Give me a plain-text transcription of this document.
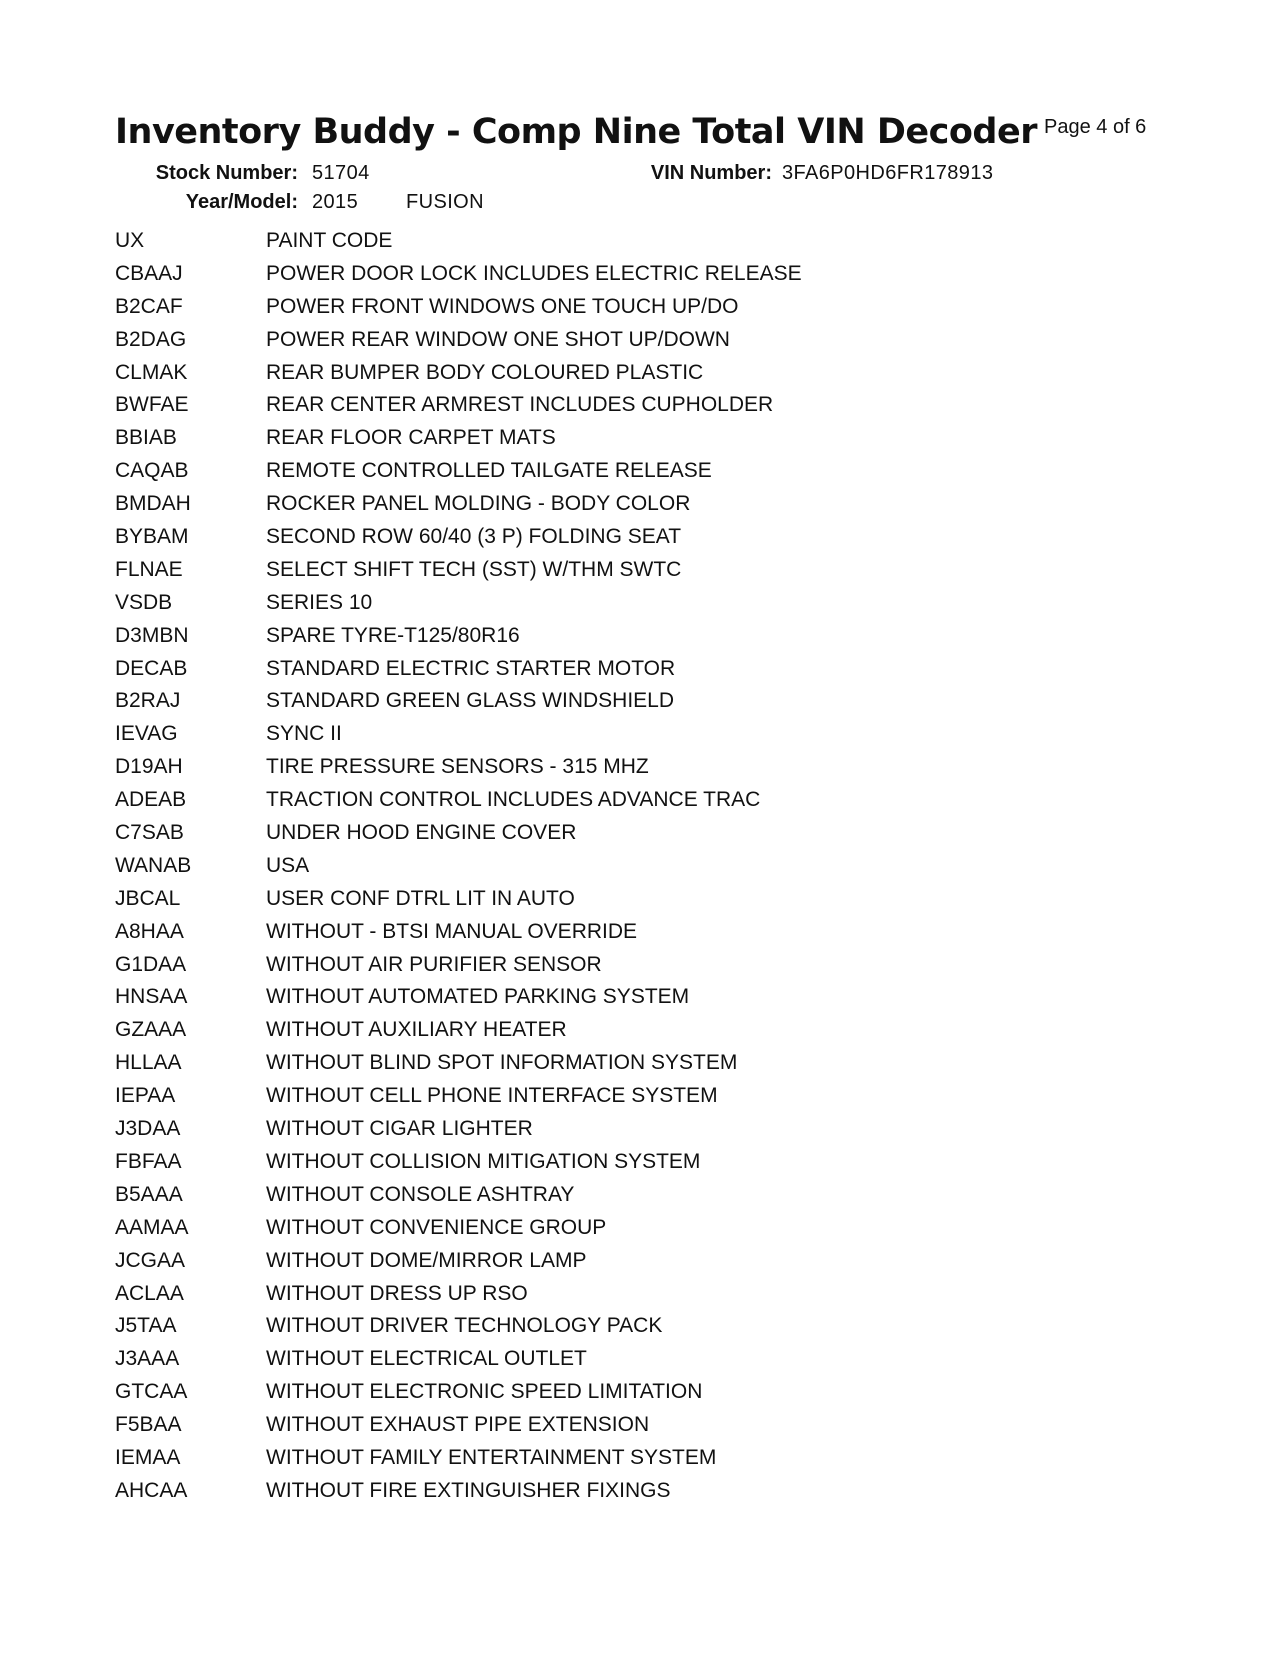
Inventory Buddy - Comp Nine Total VIN Decoder Page 4 of 6
Stock Number: 51704	VIN Number: 3FA6P0HD6FR178913
Year/Model: 2015 FUSION
UX	PAINT CODE
CBAAJ	POWER DOOR LOCK INCLUDES ELECTRIC RELEASE
B2CAF	POWER FRONT WINDOWS ONE TOUCH UP/DO
B2DAG	POWER REAR WINDOW ONE SHOT UP/DOWN
CLMAK	REAR BUMPER BODY COLOURED PLASTIC
BWFAE	REAR CENTER ARMREST INCLUDES CUPHOLDER
BBIAB	REAR FLOOR CARPET MATS
CAQAB	REMOTE CONTROLLED TAILGATE RELEASE
BMDAH	ROCKER PANEL MOLDING - BODY COLOR
BYBAM	SECOND ROW 60/40 (3 P) FOLDING SEAT
FLNAE	SELECT SHIFT TECH (SST) W/THM SWTC
VSDB	SERIES 10
D3MBN	SPARE TYRE-T125/80R16
DECAB	STANDARD ELECTRIC STARTER MOTOR
B2RAJ	STANDARD GREEN GLASS WINDSHIELD
IEVAG	SYNC II
D19AH	TIRE PRESSURE SENSORS - 315 MHZ
ADEAB	TRACTION CONTROL INCLUDES ADVANCE TRAC
C7SAB	UNDER HOOD ENGINE COVER
WANAB	USA
JBCAL	USER CONF DTRL LIT IN AUTO
A8HAA	WITHOUT - BTSI MANUAL OVERRIDE
G1DAA	WITHOUT AIR PURIFIER SENSOR
HNSAA	WITHOUT AUTOMATED PARKING SYSTEM
GZAAA	WITHOUT AUXILIARY HEATER
HLLAA	WITHOUT BLIND SPOT INFORMATION SYSTEM
IEPAA	WITHOUT CELL PHONE INTERFACE SYSTEM
J3DAA	WITHOUT CIGAR LIGHTER
FBFAA	WITHOUT COLLISION MITIGATION SYSTEM
B5AAA	WITHOUT CONSOLE ASHTRAY
AAMAA	WITHOUT CONVENIENCE GROUP
JCGAA	WITHOUT DOME/MIRROR LAMP
ACLAA	WITHOUT DRESS UP RSO
J5TAA	WITHOUT DRIVER TECHNOLOGY PACK
J3AAA	WITHOUT ELECTRICAL OUTLET
GTCAA	WITHOUT ELECTRONIC SPEED LIMITATION
F5BAA	WITHOUT EXHAUST PIPE EXTENSION
IEMAA	WITHOUT FAMILY ENTERTAINMENT SYSTEM
AHCAA	WITHOUT FIRE EXTINGUISHER FIXINGS
